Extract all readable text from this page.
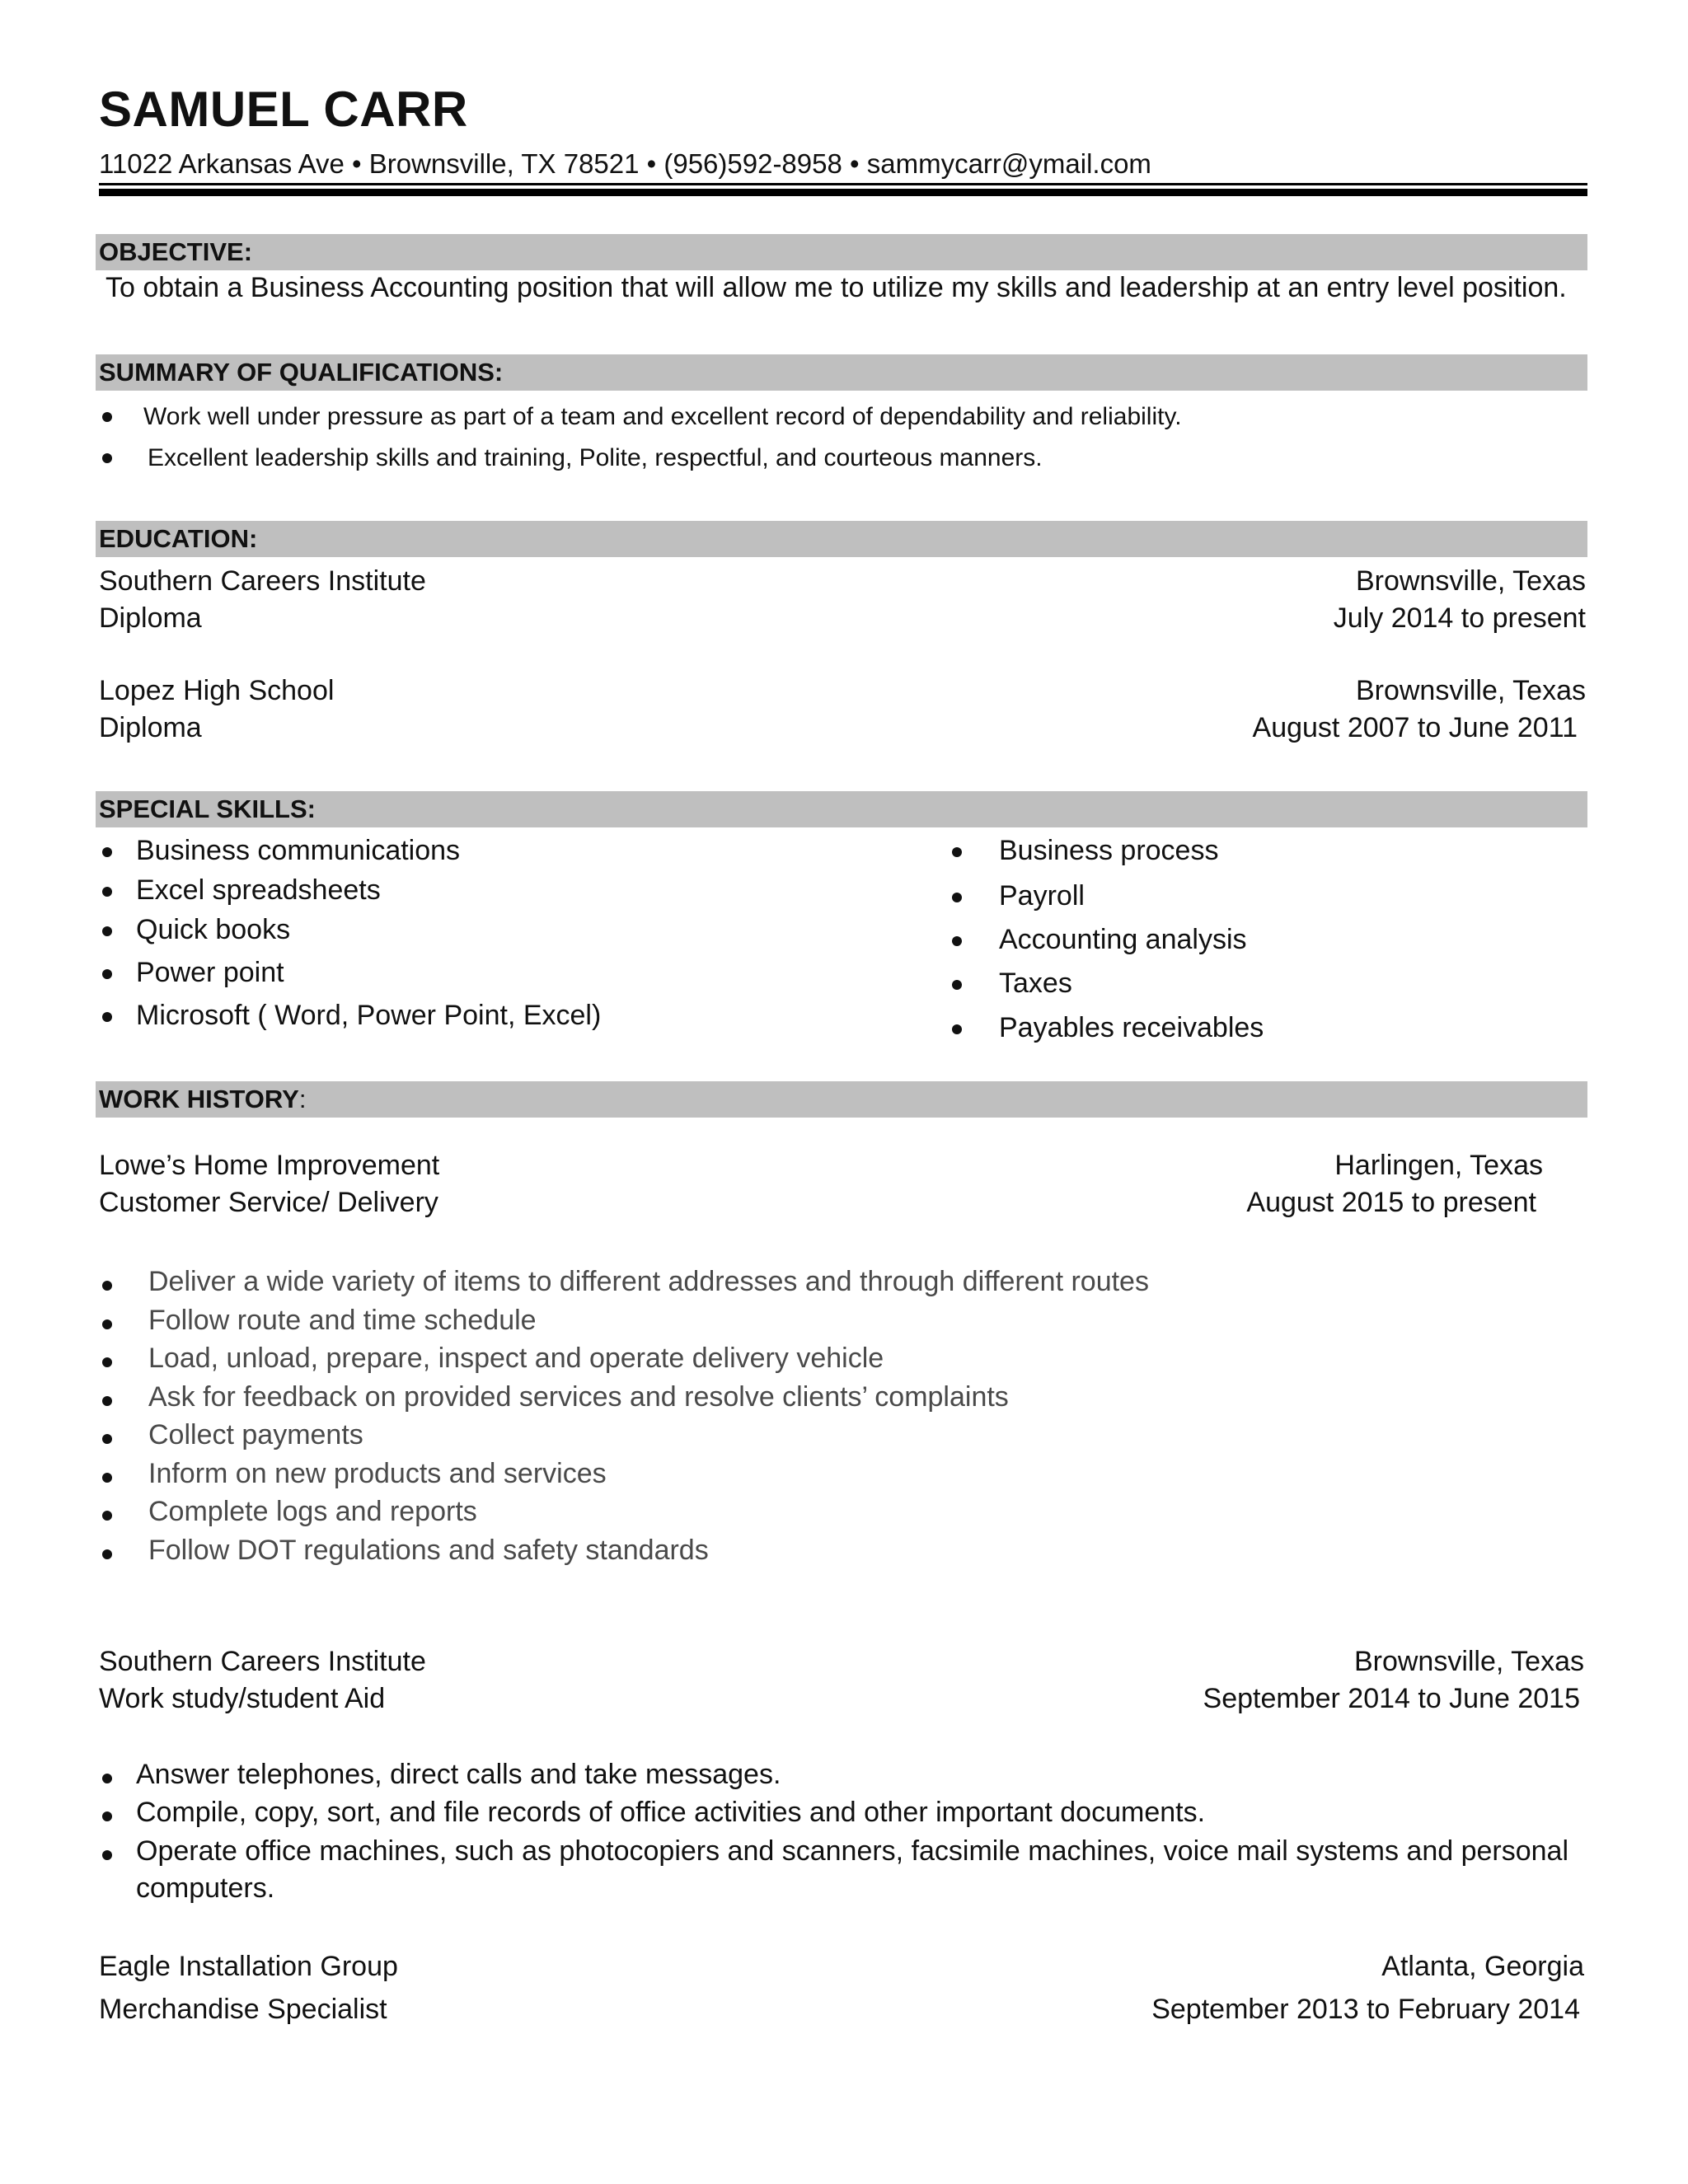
SAMUEL CARR
11022 Arkansas Ave • Brownsville, TX 78521 • (956)592-8958 • sammycarr@ymail.com
OBJECTIVE:
To obtain a Business Accounting position that will allow me to utilize my skills and leadership at an entry level position.
SUMMARY OF QUALIFICATIONS:
Work well under pressure as part of a team and excellent record of dependability and reliability.
Excellent leadership skills and training, Polite, respectful, and courteous manners.
EDUCATION:
Southern Careers Institute	Brownsville, Texas
Diploma	July 2014 to present
Lopez High School	Brownsville, Texas
Diploma	August 2007 to June 2011
SPECIAL SKILLS:
Business communications
Excel spreadsheets
Quick books
Power point
Microsoft ( Word, Power Point, Excel)
Business process
Payroll
Accounting analysis
Taxes
Payables receivables
WORK HISTORY:
Lowe’s Home Improvement	Harlingen, Texas
Customer Service/ Delivery	August 2015 to present
Deliver a wide variety of items to different addresses and through different routes
Follow route and time schedule
Load, unload, prepare, inspect and operate delivery vehicle
Ask for feedback on provided services and resolve clients’ complaints
Collect payments
Inform on new products and services
Complete logs and reports
Follow DOT regulations and safety standards
Southern Careers Institute	Brownsville, Texas
Work study/student Aid	September 2014 to June 2015
Answer telephones, direct calls and take messages.
Compile, copy, sort, and file records of office activities and other important documents.
Operate office machines, such as photocopiers and scanners, facsimile machines, voice mail systems and personal
computers.
Eagle Installation Group	Atlanta, Georgia
Merchandise Specialist	September 2013 to February 2014
